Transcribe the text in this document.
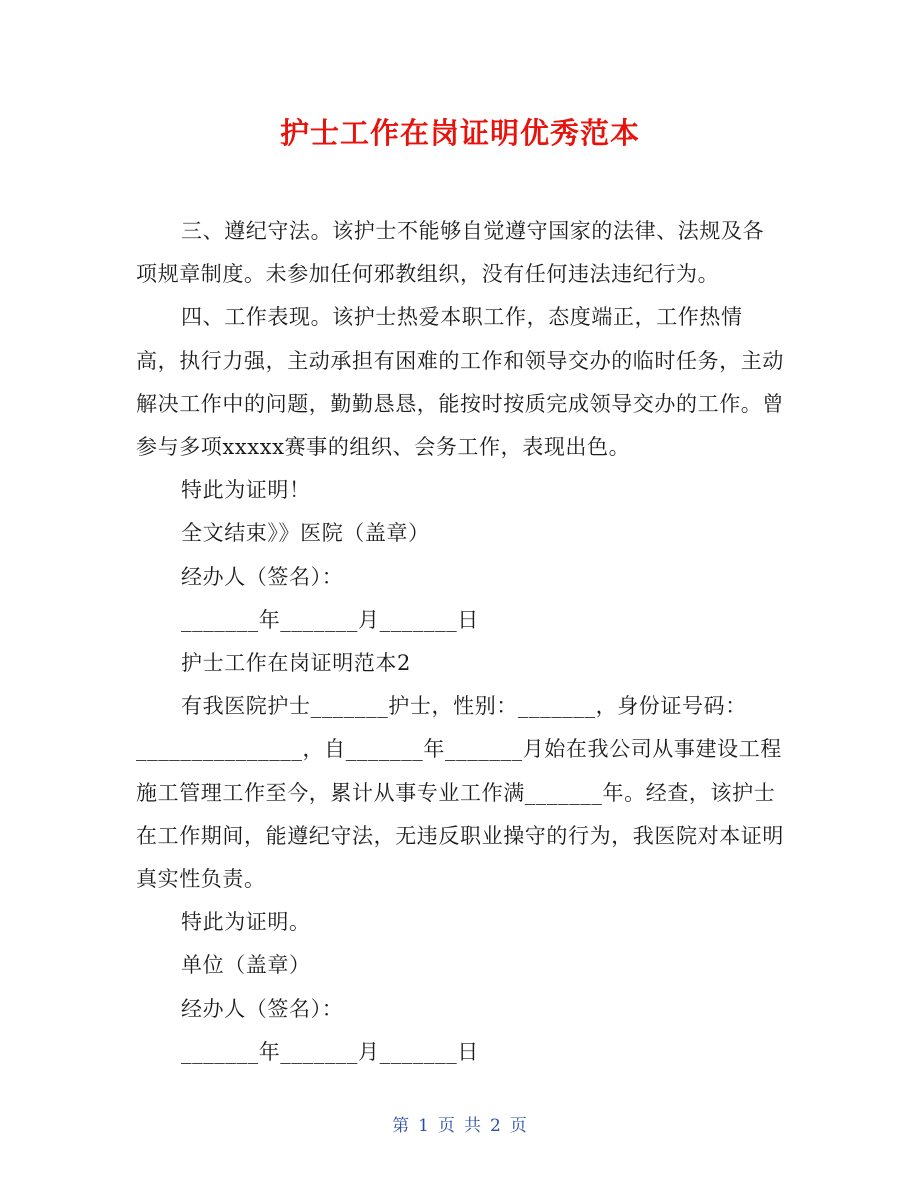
护士工作在岗证明优秀范本

三、遵纪守法。该护士不能够自觉遵守国家的法律、法规及各项规章制度。未参加任何邪教组织，没有任何违法违纪行为。

四、工作表现。该护士热爱本职工作，态度端正，工作热情高，执行力强，主动承担有困难的工作和领导交办的临时任务，主动解决工作中的问题，勤勤恳恳，能按时按质完成领导交办的工作。曾参与多项xxxxx赛事的组织、会务工作，表现出色。

特此为证明！

全文结束》》医院（盖章）

经办人（签名）：

_______年_______月_______日

护士工作在岗证明范本2

有我医院护士_______护士，性别：_______，身份证号码：_______________，自_______年_______月始在我公司从事建设工程施工管理工作至今，累计从事专业工作满_______年。经查，该护士在工作期间，能遵纪守法，无违反职业操守的行为，我医院对本证明真实性负责。

特此为证明。

单位（盖章）

经办人（签名）：

_______年_______月_______日

第 1 页 共 2 页
